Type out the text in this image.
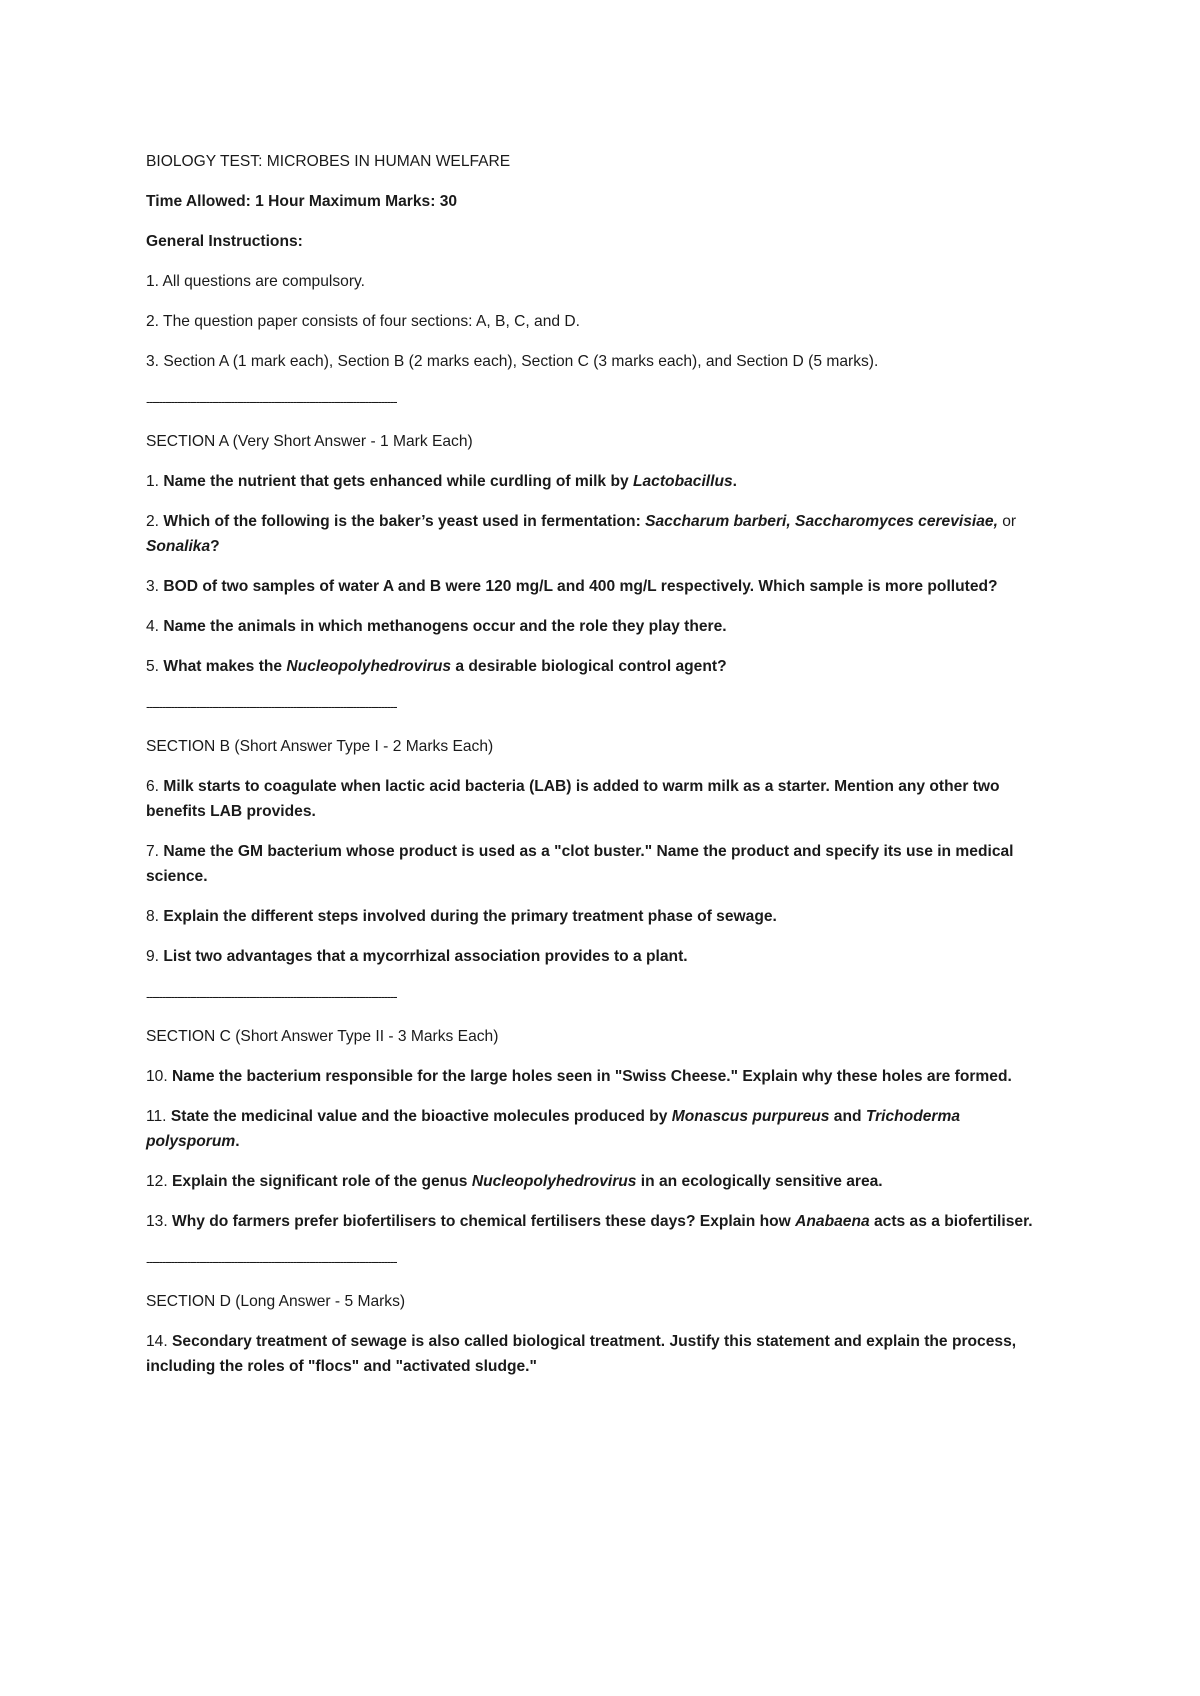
BIOLOGY TEST: MICROBES IN HUMAN WELFARE

Time Allowed: 1 Hour Maximum Marks: 30

General Instructions:

1. All questions are compulsory.

2. The question paper consists of four sections: A, B, C, and D.

3. Section A (1 mark each), Section B (2 marks each), Section C (3 marks each), and Section D (5 marks).

--------------------------------------------------------------------------------

SECTION A (Very Short Answer - 1 Mark Each)

1. Name the nutrient that gets enhanced while curdling of milk by Lactobacillus.

2. Which of the following is the baker’s yeast used in fermentation: Saccharum barberi, Saccharomyces cerevisiae, or Sonalika?

3. BOD of two samples of water A and B were 120 mg/L and 400 mg/L respectively. Which sample is more polluted?

4. Name the animals in which methanogens occur and the role they play there.

5. What makes the Nucleopolyhedrovirus a desirable biological control agent?

--------------------------------------------------------------------------------

SECTION B (Short Answer Type I - 2 Marks Each)

6. Milk starts to coagulate when lactic acid bacteria (LAB) is added to warm milk as a starter. Mention any other two benefits LAB provides.

7. Name the GM bacterium whose product is used as a "clot buster." Name the product and specify its use in medical science.

8. Explain the different steps involved during the primary treatment phase of sewage.

9. List two advantages that a mycorrhizal association provides to a plant.

--------------------------------------------------------------------------------

SECTION C (Short Answer Type II - 3 Marks Each)

10. Name the bacterium responsible for the large holes seen in "Swiss Cheese." Explain why these holes are formed.

11. State the medicinal value and the bioactive molecules produced by Monascus purpureus and Trichoderma polysporum.

12. Explain the significant role of the genus Nucleopolyhedrovirus in an ecologically sensitive area.

13. Why do farmers prefer biofertilisers to chemical fertilisers these days? Explain how Anabaena acts as a biofertiliser.

--------------------------------------------------------------------------------

SECTION D (Long Answer - 5 Marks)

14. Secondary treatment of sewage is also called biological treatment. Justify this statement and explain the process, including the roles of "flocs" and "activated sludge."
